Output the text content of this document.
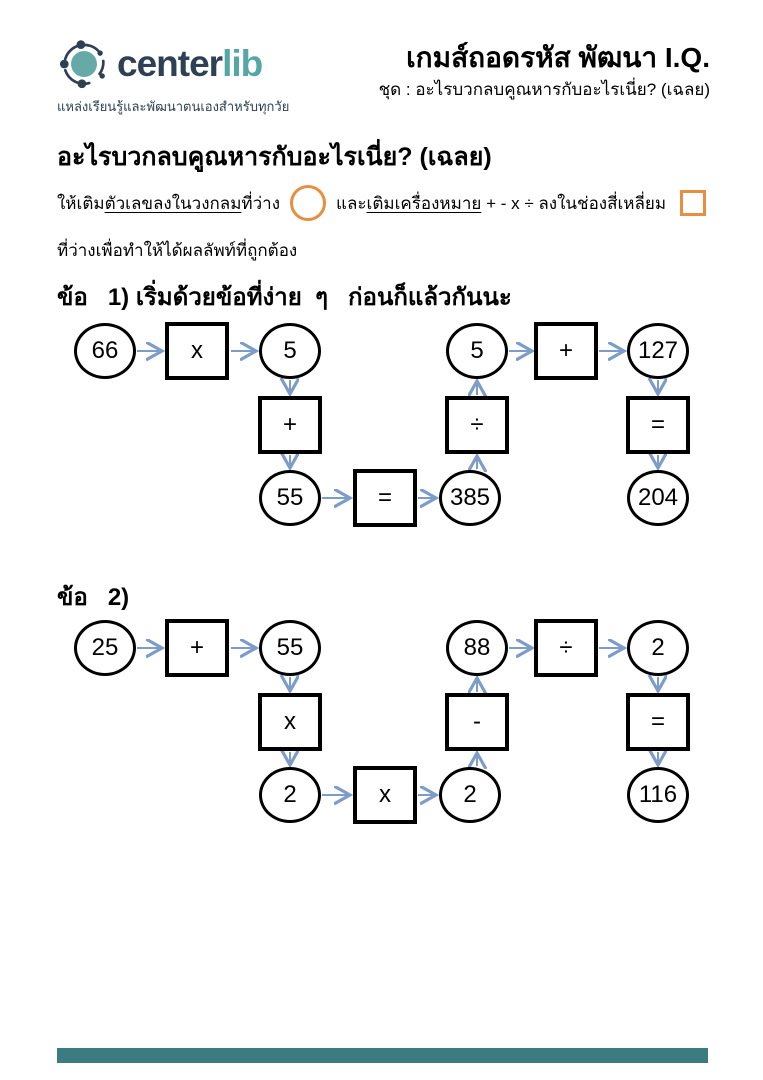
centerlib
แหล่งเรียนรู้และพัฒนาตนเองสำหรับทุกวัย
เกมส์ถอดรหัส พัฒนา I.Q.
ชุด : อะไรบวกลบคูณหารกับอะไรเนี่ย? (เฉลย)
อะไรบวกลบคูณหารกับอะไรเนี่ย? (เฉลย)
ให้เติม ตัวเลขลงในวงกลม ที่ว่าง	และ เติมเครื่องหมาย + - x ÷ ลงในช่องสี่เหลี่ยม
ที่ว่างเพื่อทำให้ได้ผลลัพท์ที่ถูกต้อง
ข้อ   1) เริ่มด้วยข้อที่ง่าย  ๆ   ก่อนก็แล้วกันนะ
66	x	5
+
55	=	385
÷
5	+	127
=
204
ข้อ   2)
25	+	55
x
2	x	2
-
88	÷	2
=
116
